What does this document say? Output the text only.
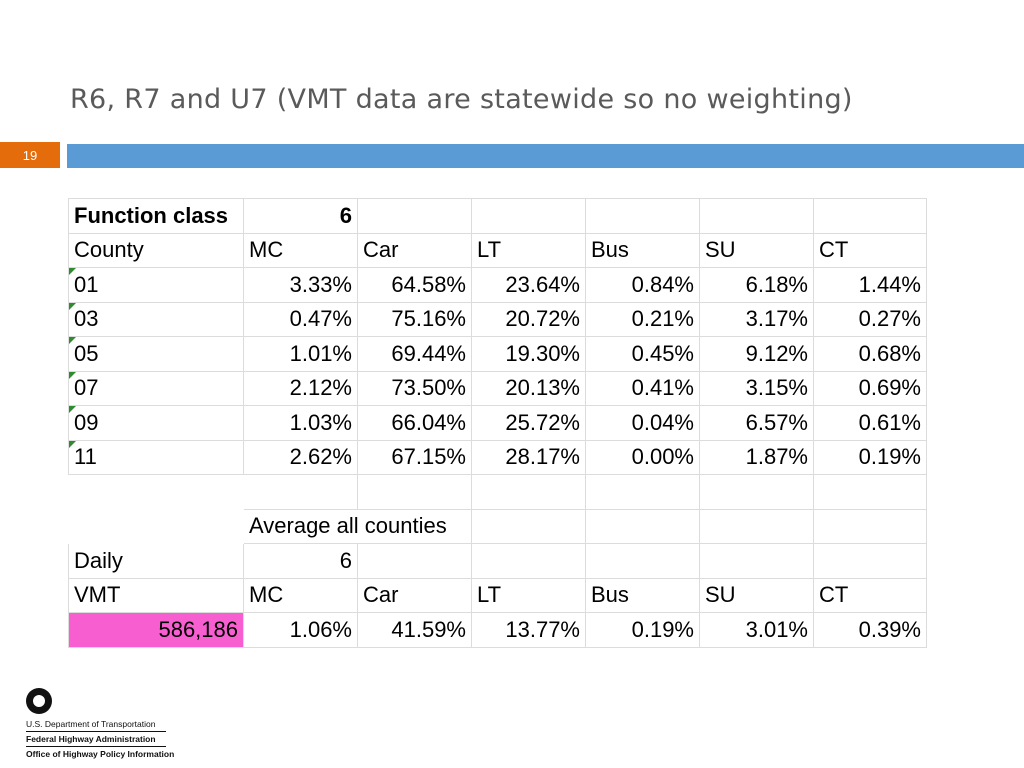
R6, R7 and U7 (VMT data are statewide so no weighting)
19
Function class	6					
County	MC	Car	LT	Bus	SU	CT
01	3.33%	64.58%	23.64%	0.84%	6.18%	1.44%
03	0.47%	75.16%	20.72%	0.21%	3.17%	0.27%
05	1.01%	69.44%	19.30%	0.45%	9.12%	0.68%
07	2.12%	73.50%	20.13%	0.41%	3.15%	0.69%
09	1.03%	66.04%	25.72%	0.04%	6.57%	0.61%
11	2.62%	67.15%	28.17%	0.00%	1.87%	0.19%

	Average all counties					
Daily	6					
VMT	MC	Car	LT	Bus	SU	CT
586,186	1.06%	41.59%	13.77%	0.19%	3.01%	0.39%
U.S. Department of Transportation
Federal Highway Administration
Office of Highway Policy Information
